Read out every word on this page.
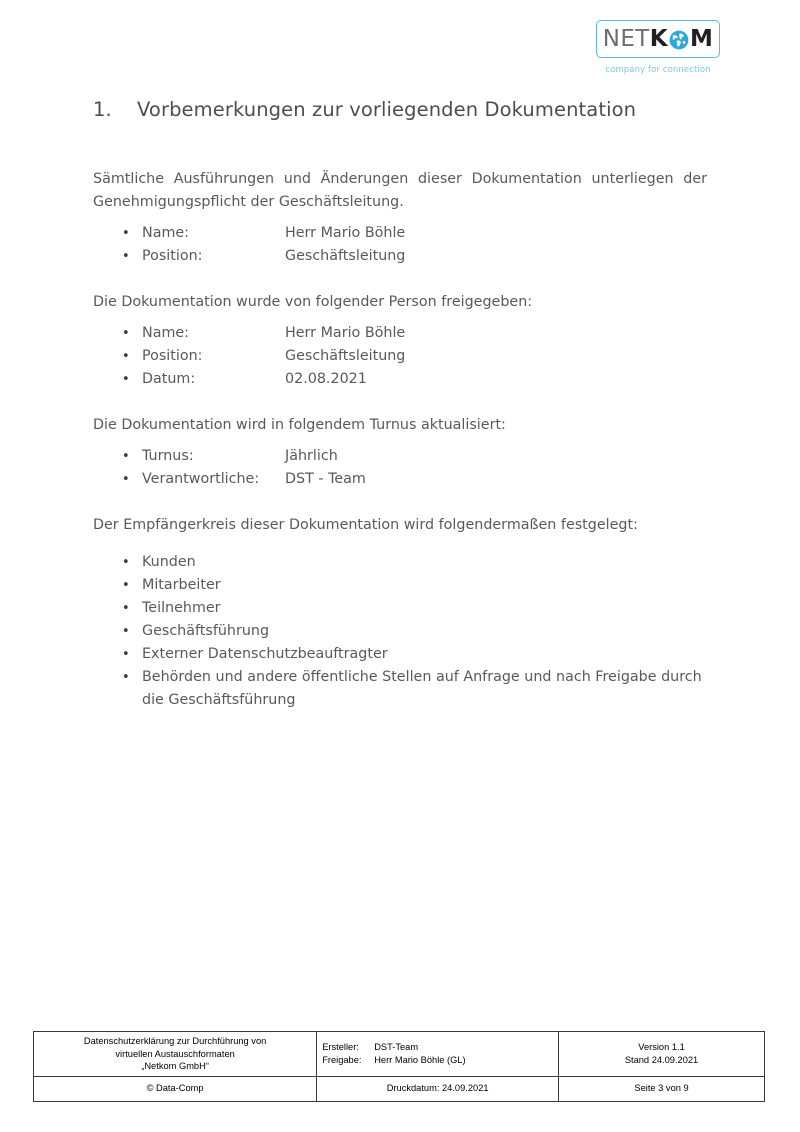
NET K M
company for connection
1. Vorbemerkungen zur vorliegenden Dokumentation

Sämtliche Ausführungen und Änderungen dieser Dokumentation unterliegen der Genehmigungspflicht der Geschäftsleitung.

• Name:	Herr Mario Böhle
• Position:	Geschäftsleitung

Die Dokumentation wurde von folgender Person freigegeben:

• Name:	Herr Mario Böhle
• Position:	Geschäftsleitung
• Datum:	02.08.2021

Die Dokumentation wird in folgendem Turnus aktualisiert:

• Turnus:	Jährlich
• Verantwortliche: DST - Team

Der Empfängerkreis dieser Dokumentation wird folgendermaßen festgelegt:

• Kunden
• Mitarbeiter
• Teilnehmer
• Geschäftsführung
• Externer Datenschutzbeauftragter
• Behörden und andere öffentliche Stellen auf Anfrage und nach Freigabe durch die Geschäftsführung
Datenschutzerklärung zur Durchführung von
virtuellen Austauschformaten
„Netkom GmbH“

Ersteller: DST-Team
Freigabe: Herr Mario Böhle (GL)

Version 1.1
Stand 24.09.2021

© Data-Comp	Druckdatum: 24.09.2021	Seite 3 von 9
